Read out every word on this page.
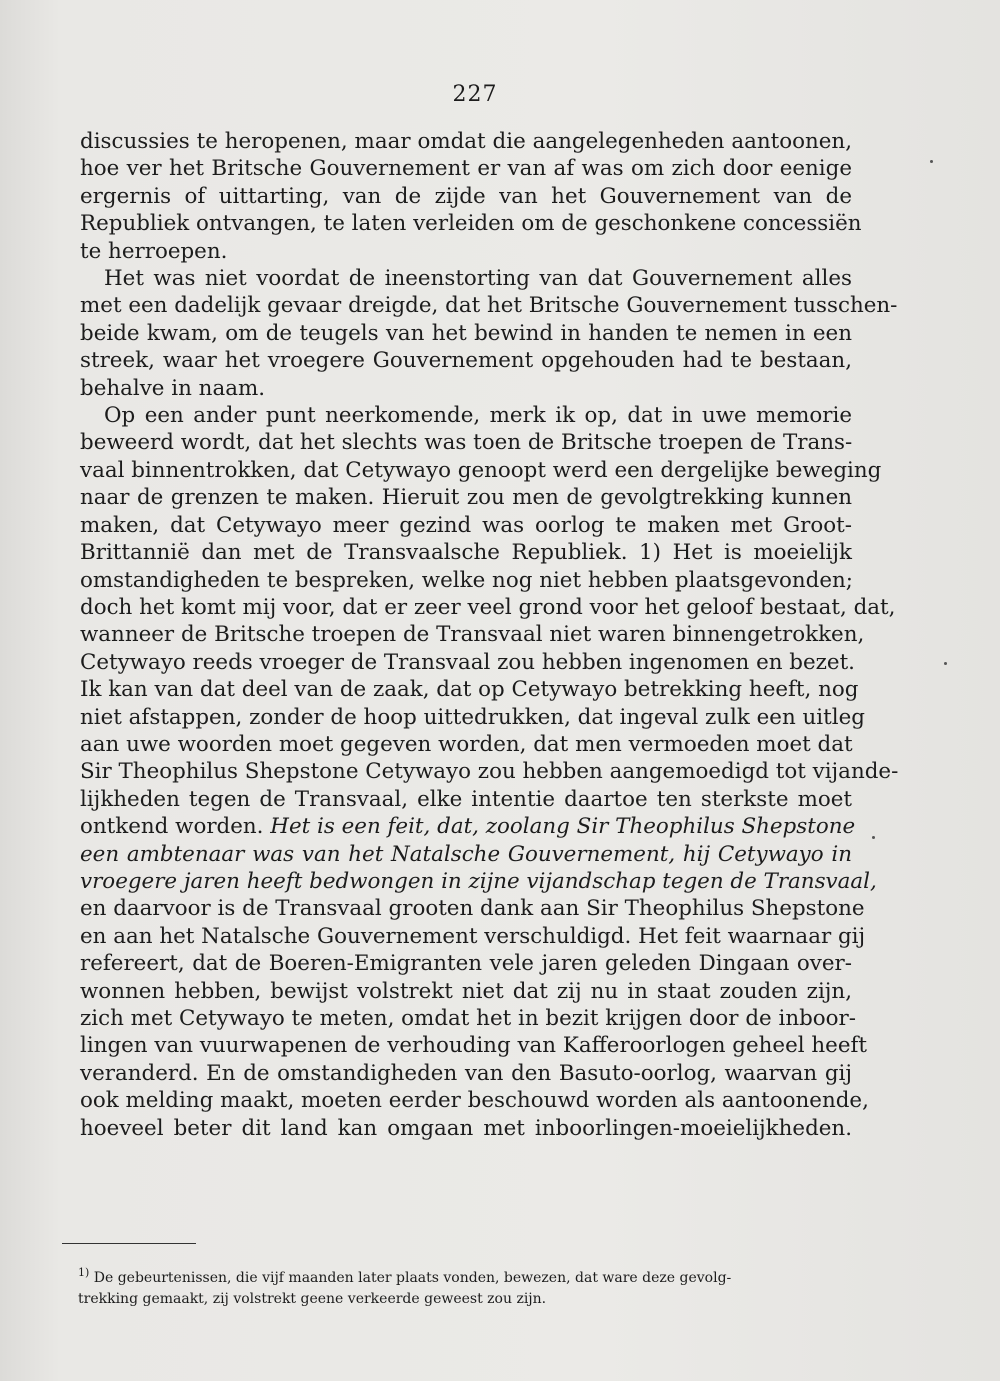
227

discussies te heropenen, maar omdat die aangelegenheden aantoonen,
hoe ver het Britsche Gouvernement er van af was om zich door eenige
ergernis of uittarting, van de zijde van het Gouvernement van de
Republiek ontvangen, te laten verleiden om de geschonkene concessiën
te herroepen.

Het was niet voordat de ineenstorting van dat Gouvernement alles
met een dadelijk gevaar dreigde, dat het Britsche Gouvernement tusschen-
beide kwam, om de teugels van het bewind in handen te nemen in een
streek, waar het vroegere Gouvernement opgehouden had te bestaan,
behalve in naam.

Op een ander punt neerkomende, merk ik op, dat in uwe memorie
beweerd wordt, dat het slechts was toen de Britsche troepen de Trans-
vaal binnentrokken, dat Cetywayo genoopt werd een dergelijke beweging
naar de grenzen te maken. Hieruit zou men de gevolgtrekking kunnen
maken, dat Cetywayo meer gezind was oorlog te maken met Groot-
Brittannië dan met de Transvaalsche Republiek. 1) Het is moeielijk
omstandigheden te bespreken, welke nog niet hebben plaatsgevonden;
doch het komt mij voor, dat er zeer veel grond voor het geloof bestaat, dat,
wanneer de Britsche troepen de Transvaal niet waren binnengetrokken,
Cetywayo reeds vroeger de Transvaal zou hebben ingenomen en bezet.
Ik kan van dat deel van de zaak, dat op Cetywayo betrekking heeft, nog
niet afstappen, zonder de hoop uittedrukken, dat ingeval zulk een uitleg
aan uwe woorden moet gegeven worden, dat men vermoeden moet dat
Sir Theophilus Shepstone Cetywayo zou hebben aangemoedigd tot vijande-
lijkheden tegen de Transvaal, elke intentie daartoe ten sterkste moet
ontkend worden. Het is een feit, dat, zoolang Sir Theophilus Shepstone
een ambtenaar was van het Natalsche Gouvernement, hij Cetywayo in
vroegere jaren heeft bedwongen in zijne vijandschap tegen de Transvaal,
en daarvoor is de Transvaal grooten dank aan Sir Theophilus Shepstone
en aan het Natalsche Gouvernement verschuldigd. Het feit waarnaar gij
refereert, dat de Boeren-Emigranten vele jaren geleden Dingaan over-
wonnen hebben, bewijst volstrekt niet dat zij nu in staat zouden zijn,
zich met Cetywayo te meten, omdat het in bezit krijgen door de inboor-
lingen van vuurwapenen de verhouding van Kafferoorlogen geheel heeft
veranderd. En de omstandigheden van den Basuto-oorlog, waarvan gij
ook melding maakt, moeten eerder beschouwd worden als aantoonende,
hoeveel beter dit land kan omgaan met inboorlingen-moeielijkheden.

$^{1)}$ De gebeurtenissen, die vijf maanden later plaats vonden, bewezen, dat ware deze gevolg-
trekking gemaakt, zij volstrekt geene verkeerde geweest zou zijn.
